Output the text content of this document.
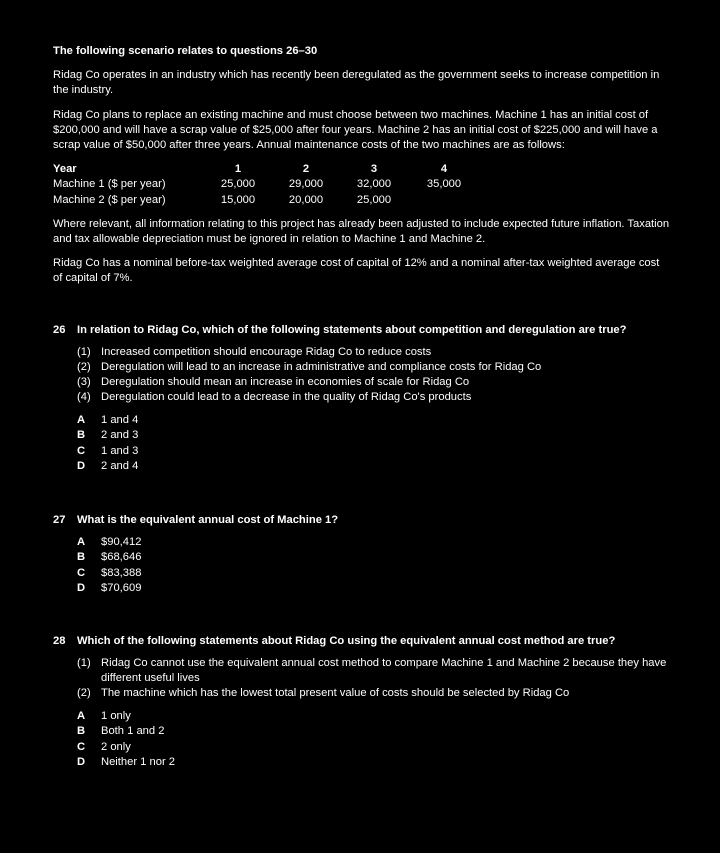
The following scenario relates to questions 26–30
Ridag Co operates in an industry which has recently been deregulated as the government seeks to increase competition in the industry.
Ridag Co plans to replace an existing machine and must choose between two machines. Machine 1 has an initial cost of $200,000 and will have a scrap value of $25,000 after four years. Machine 2 has an initial cost of $225,000 and will have a scrap value of $50,000 after three years. Annual maintenance costs of the two machines are as follows:
Year	1	2	3	4
Machine 1 ($ per year)	25,000	29,000	32,000	35,000
Machine 2 ($ per year)	15,000	20,000	25,000
Where relevant, all information relating to this project has already been adjusted to include expected future inflation. Taxation and tax allowable depreciation must be ignored in relation to Machine 1 and Machine 2.
Ridag Co has a nominal before-tax weighted average cost of capital of 12% and a nominal after-tax weighted average cost of capital of 7%.
26	In relation to Ridag Co, which of the following statements about competition and deregulation are true?
(1) Increased competition should encourage Ridag Co to reduce costs
(2) Deregulation will lead to an increase in administrative and compliance costs for Ridag Co
(3) Deregulation should mean an increase in economies of scale for Ridag Co
(4) Deregulation could lead to a decrease in the quality of Ridag Co's products
A	1 and 4
B	2 and 3
C	1 and 3
D	2 and 4
27	What is the equivalent annual cost of Machine 1?
A	$90,412
B	$68,646
C	$83,388
D	$70,609
28	Which of the following statements about Ridag Co using the equivalent annual cost method are true?
(1) Ridag Co cannot use the equivalent annual cost method to compare Machine 1 and Machine 2 because they have different useful lives
(2) The machine which has the lowest total present value of costs should be selected by Ridag Co
A	1 only
B	Both 1 and 2
C	2 only
D	Neither 1 nor 2
